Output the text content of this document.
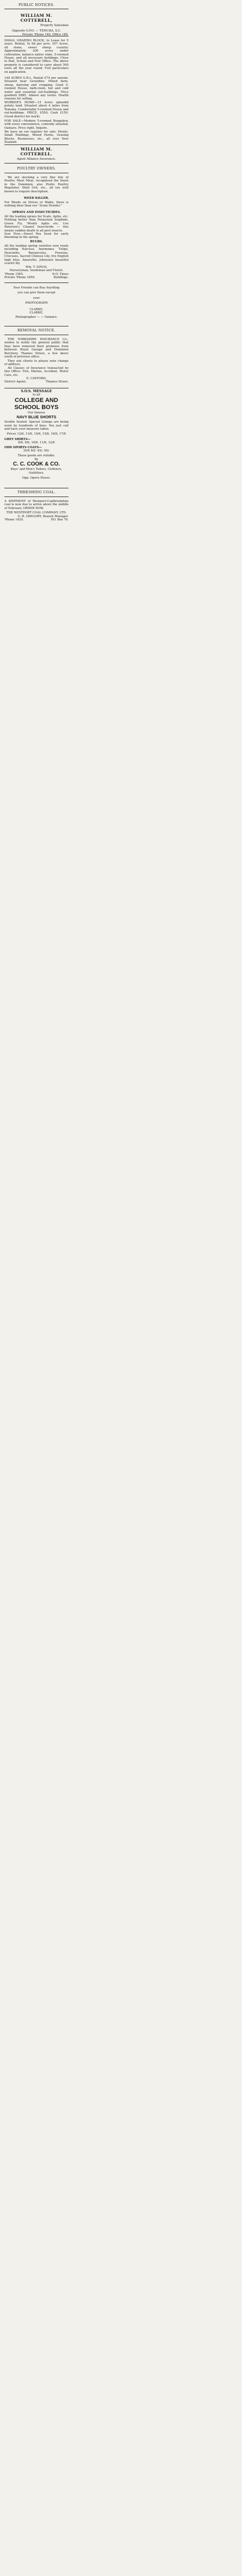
PUBLIC NOTICES.
WILLIAM M. COTTERELL,
Property Salesman
Opposite G.P.O. — TEMUKA, S.C.
Private 'Phone 140, Office 188.

SMALL GRAZING BLOCK, to Lease for 5 years. Rental, 5s 6d per acre. 557 Acres, all stone, sweet sheep country. Approximately 200 acres under cultivation, balance native state. 5-roomed House, and all necessary buildings. Close to Rail, School and Post Office. The above property is considered to carry about 500 ewes all the year round. Full particulars on application.

148 ACRES G.R.L. Rental £74 per annum. Situated near Geraldine. Mixed farm, sheep, dairying and cropping. Good 5-roomed House, bath-room, hot and cold water and essential out-buildings. Price goodwill £885. Almost any terms. Health reasons for selling.

WORKER'S HOME—15 Acres splendid potato land. Situated about 4 miles from Temuka. Comfortable 5-roomed House and out-buildings. PRICE, £550; Cash £150. (Good district for work).

FOR SALE—Modern 5-roomed Bungalow, with every convenience, centrally situated, Oamaru. Price right. Inquire.

We have on our register for sale: Hotels, Small Holdings, Mixed Farms, Grazing Blocks, Businesses, etc., all over New Zealand.

WILLIAM M. COTTERELL.
Agent Alliance Assurance.
POULTRY OWNERS.
We are stocking a very fine line of Poultry Meat Meal, recognised the finest in the Dominion; also Pratts Poultry Regulator, Shell Grit, etc., all too well known to require description.
WEED KILLER.
For Weeds on Drives or Walks, there is nothing finer than our "Acme Powder."
SPRAYS AND INSECTICIDES.
All the leading sprays for Scale, Aphis, etc. Nothing better than Potassium Sulphide, Green Fly, 'Woolly Aphis etc. Use Paterson's Cleanol Insecticide — this means sudden death to all pest insects.
Sow Now.—Sweet Pea Seed for early blooming in the spring.
BULBS.
All the leading spring varieties now ready including Narcissi, Anemones, Tulips, Hyacinths, Ranunculus, Freesias, Crocuses, Sacred Chinese Lily, Iris English high blue, Amaryllis, Johnsonii beautiful scarlet lily.
Wm. T. SINGS,
Nurseryman, Seedsman and Florist.
'Phone 1565.	N.O. Times
Private 'Phone 1859.	Buildings.
Your Friends can Buy Anything
you can give them except
your
PHOTOGRAPH
CLARKE,
CLARKE,
Photographer — — Oamaru.
REMOVAL NOTICE.
THE YORKSHIRE INSURANCE Co., wishes to notify the general public that they have removed their premises from between Royal Garage and Dominion Butchery, Thames Street, a few doors south of previous office.
They ask clients to please note change of address.
All Classes of Insurance transacted by this Office: Fire, Marine, Accident, Motor Cars, etc.
E. CAYFORD,
District Agent;	Thames Street.
S.O.S. MESSAGE
to all
COLLEGE AND
SCHOOL BOYS
Our famous
NAVY BLUE SHORTS
Double Seated. Special Linings are being worn by hundreds of boys. You just call and have your measure taken.
Prices 12/6, 13/6, 14/6, 15/6, 16/6, 17/6
GREY SHIRTS—
8/6, 9/6, 10/6, 11/6, 12/6
ODD SPORTS COATS—
35/6 40/- 45/- 50/-
These goods are reliable.
By
C. C. COOK & CO.
Boys' and Men's Tailors, Clothiers, Outfitters,
Opp. Opera House.
THRESHING COAL.
A SHIPMENT of Westport-Coalbrookdale coal is now due to arrive about the middle of February, ORDER NOW.
THE WESTPORT COAL COMPANY, LTD.
G. R. GREGORY, Branch Manager.
'Phone 1420.	P.O. Box 76.
